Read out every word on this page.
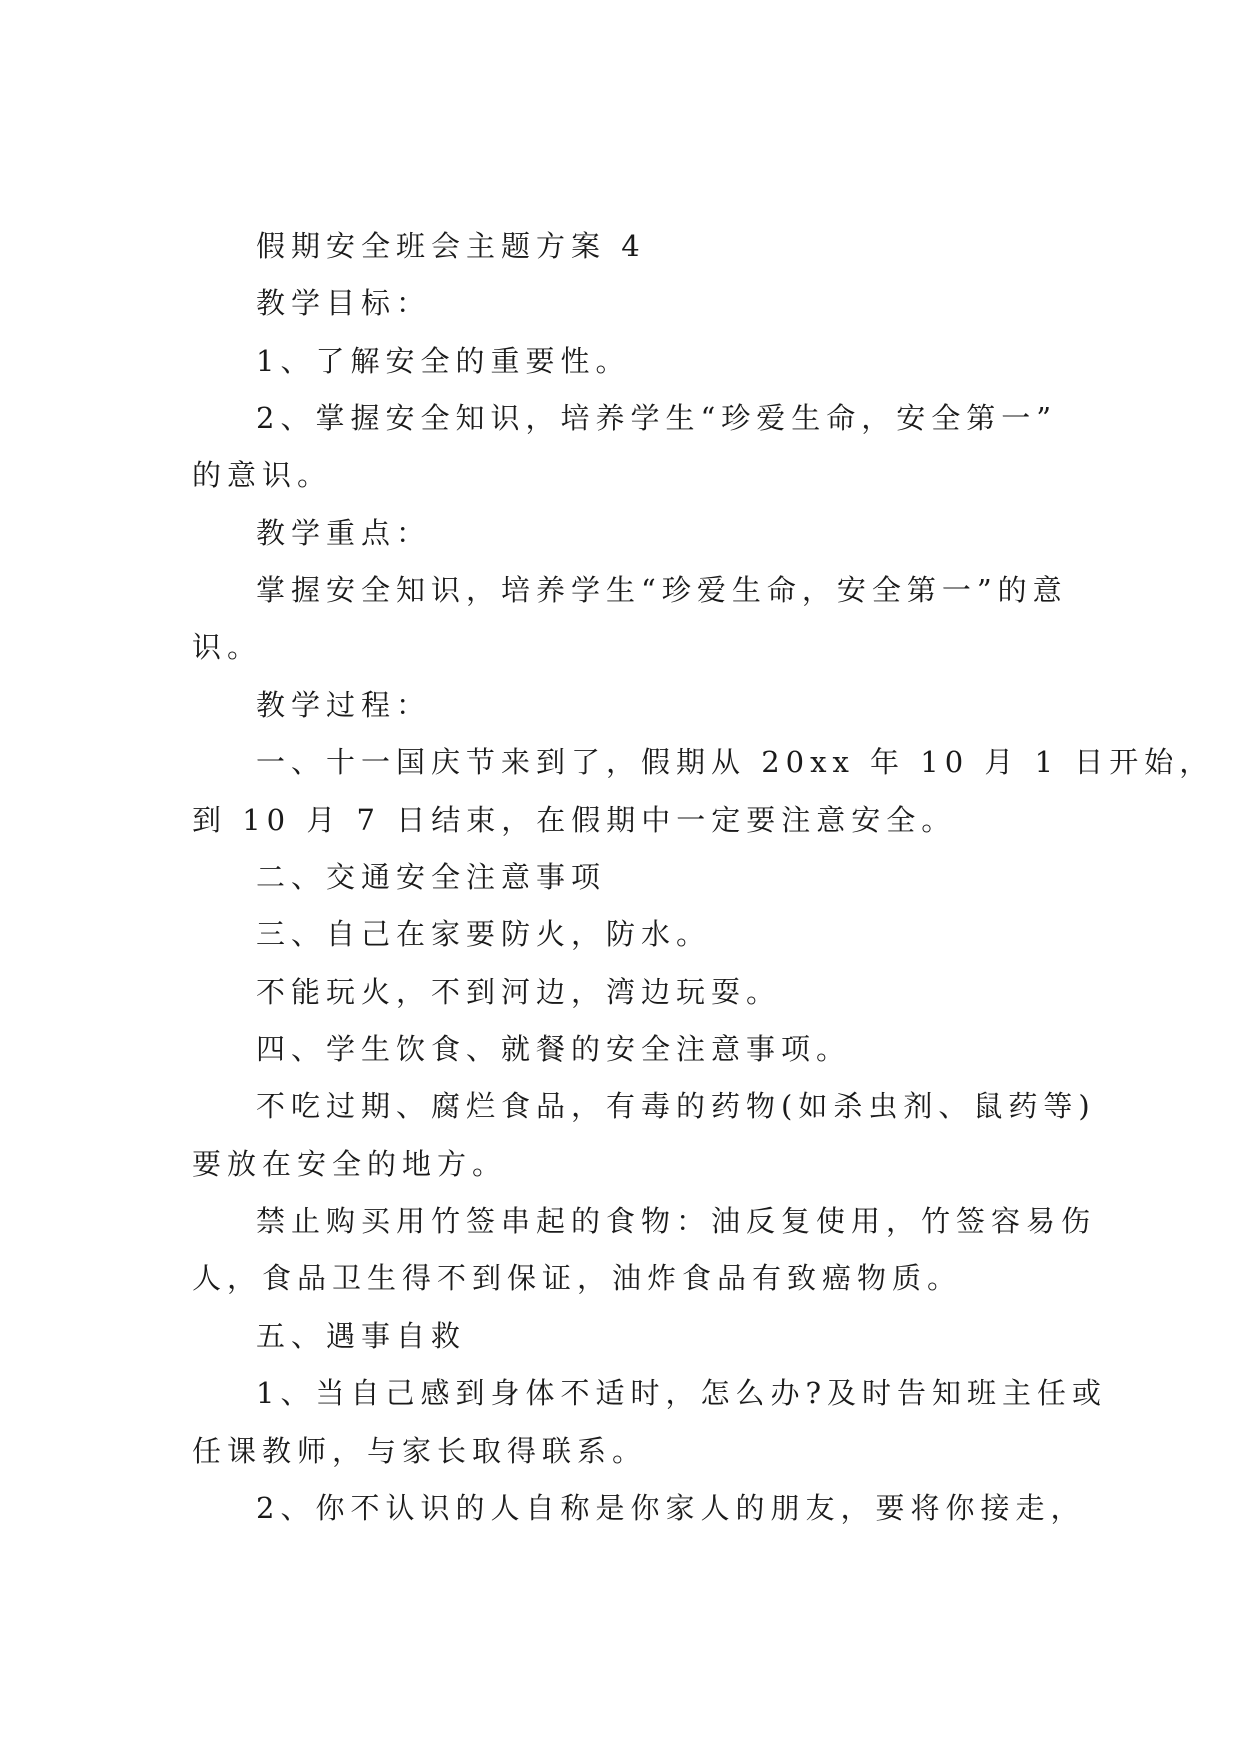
假期安全班会主题方案 4
教学目标：
1、了解安全的重要性。
2、掌握安全知识，培养学生“珍爱生命，安全第一”
的意识。
教学重点：
掌握安全知识，培养学生“珍爱生命，安全第一”的意
识。
教学过程：
一、十一国庆节来到了，假期从 20xx 年 10 月 1 日开始，
到 10 月 7 日结束，在假期中一定要注意安全。
二、交通安全注意事项
三、自己在家要防火，防水。
不能玩火，不到河边，湾边玩耍。
四、学生饮食、就餐的安全注意事项。
不吃过期、腐烂食品，有毒的药物(如杀虫剂、鼠药等)
要放在安全的地方。
禁止购买用竹签串起的食物：油反复使用，竹签容易伤
人，食品卫生得不到保证，油炸食品有致癌物质。
五、遇事自救
1、当自己感到身体不适时，怎么办?及时告知班主任或
任课教师，与家长取得联系。
2、你不认识的人自称是你家人的朋友，要将你接走，
